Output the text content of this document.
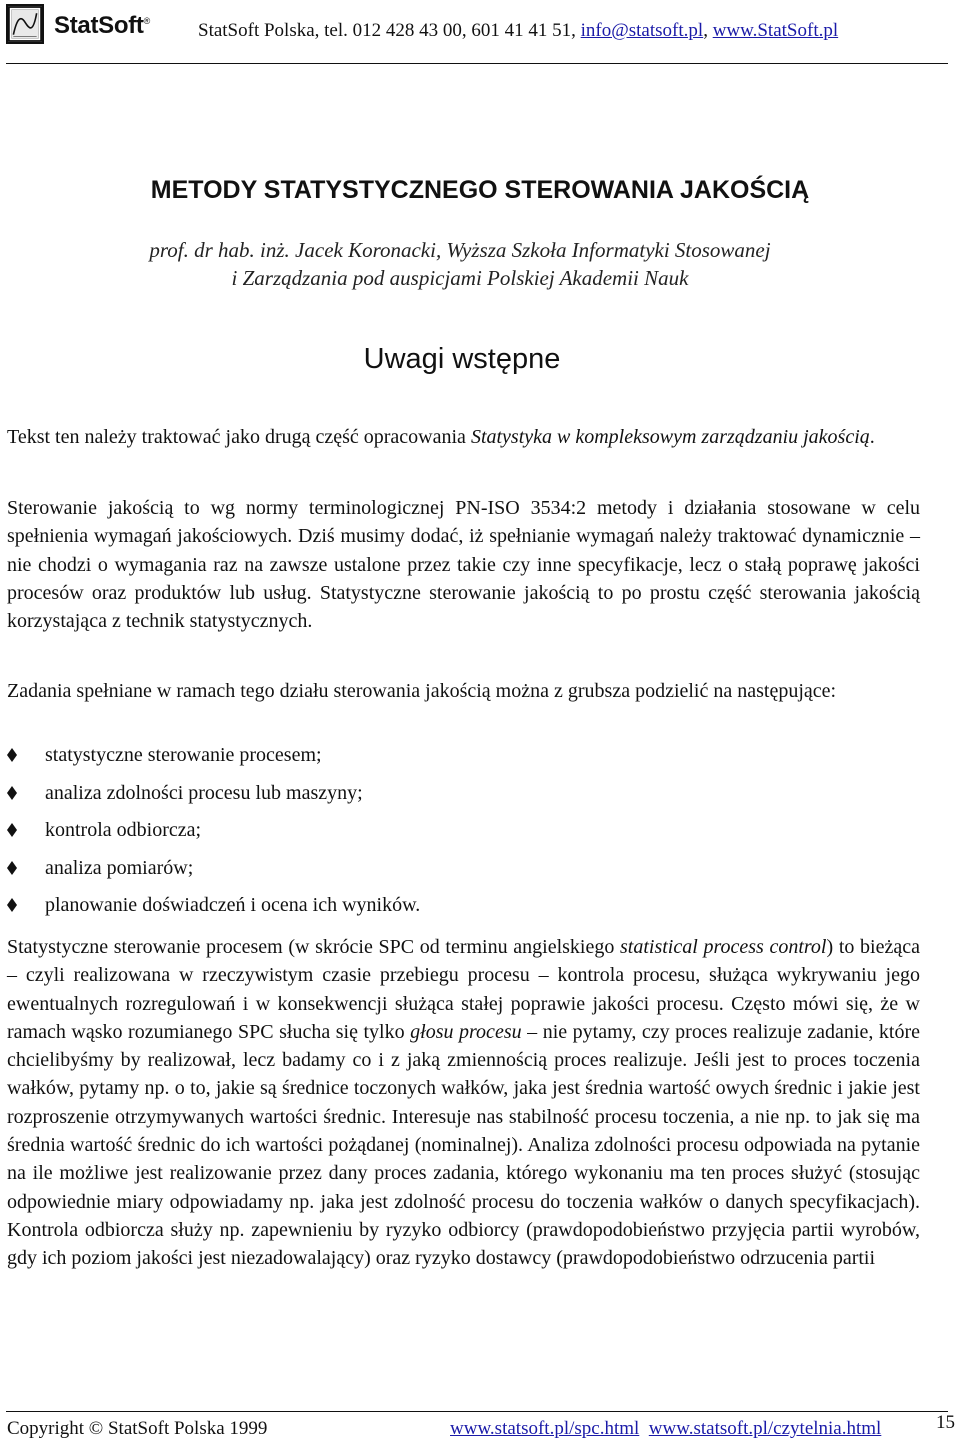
StatSoft®	StatSoft Polska, tel. 012 428 43 00, 601 41 41 51, info@statsoft.pl, www.StatSoft.pl
METODY STATYSTYCZNEGO STEROWANIA JAKOŚCIĄ
prof. dr hab. inż. Jacek Koronacki, Wyższa Szkoła Informatyki Stosowanej
i Zarządzania pod auspicjami Polskiej Akademii Nauk
Uwagi wstępne

Tekst ten należy traktować jako drugą część opracowania Statystyka w kompleksowym zarządzaniu jakością.

Sterowanie jakością to wg normy terminologicznej PN-ISO 3534:2 metody i działania stosowane w celu spełnienia wymagań jakościowych. Dziś musimy dodać, iż spełnianie wymagań należy traktować dynamicznie – nie chodzi o wymagania raz na zawsze ustalone przez takie czy inne specyfikacje, lecz o stałą poprawę jakości procesów oraz produktów lub usług. Statystyczne sterowanie jakością to po prostu część sterowania jakością korzystająca z technik statystycznych.

Zadania spełniane w ramach tego działu sterowania jakością można z grubsza podzielić na następujące:

statystyczne sterowanie procesem;
analiza zdolności procesu lub maszyny;
kontrola odbiorcza;
analiza pomiarów;
planowanie doświadczeń i ocena ich wyników.

Statystyczne sterowanie procesem (w skrócie SPC od terminu angielskiego statistical process control) to bieżąca – czyli realizowana w rzeczywistym czasie przebiegu procesu – kontrola procesu, służąca wykrywaniu jego ewentualnych rozregulowań i w konsekwencji służąca stałej poprawie jakości procesu. Często mówi się, że w ramach wąsko rozumianego SPC słucha się tylko głosu procesu – nie pytamy, czy proces realizuje zadanie, które chcielibyśmy by realizował, lecz badamy co i z jaką zmiennością proces realizuje. Jeśli jest to proces toczenia wałków, pytamy np. o to, jakie są średnice toczonych wałków, jaka jest średnia wartość owych średnic i jakie jest rozproszenie otrzymywanych wartości średnic. Interesuje nas stabilność procesu toczenia, a nie np. to jak się ma średnia wartość średnic do ich wartości pożądanej (nominalnej). Analiza zdolności procesu odpowiada na pytanie na ile możliwe jest realizowanie przez dany proces zadania, którego wykonaniu ma ten proces służyć (stosując odpowiednie miary odpowiadamy np. jaka jest zdolność procesu do toczenia wałków o danych specyfikacjach). Kontrola odbiorcza służy np. zapewnieniu by ryzyko odbiorcy (prawdopodobieństwo przyjęcia partii wyrobów, gdy ich poziom jakości jest niezadowalający) oraz ryzyko dostawcy (prawdopodobieństwo odrzucenia partii

Copyright © StatSoft Polska 1999	www.statsoft.pl/spc.html www.statsoft.pl/czytelnia.html	15
